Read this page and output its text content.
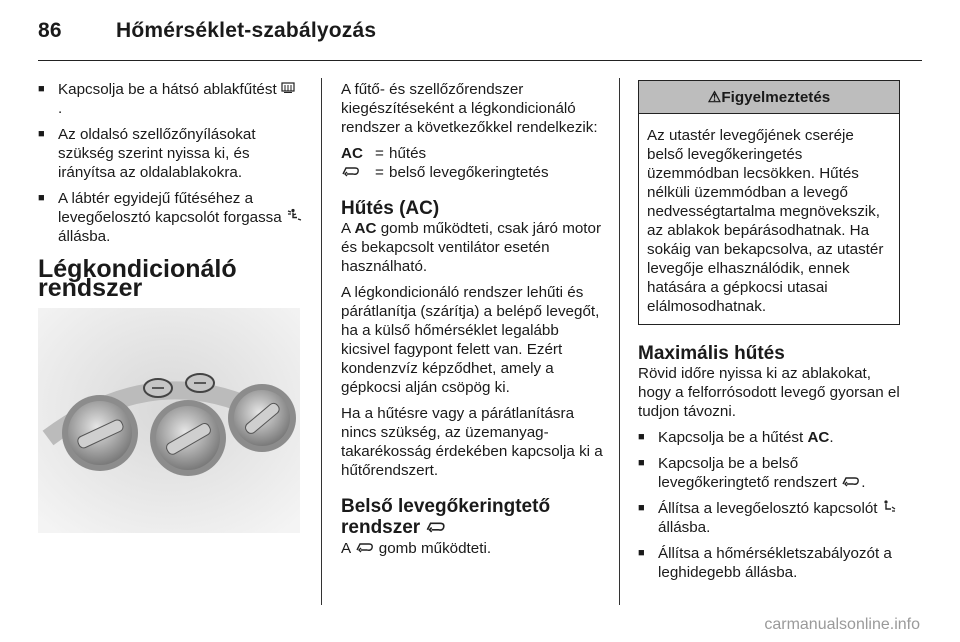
86	Hőmérséklet-szabályozás
■ Kapcsolja be a hátsó ablakfűtést
.
■ Az oldalsó szellőzőnyílásokat szükség szerint nyissa ki, és irányítsa az oldalablakokra.
■ A lábtér egyidejű fűtéséhez a levegőelosztó kapcsolót forgassa  állásba.
Légkondicionáló rendszer

A fűtő- és szellőzőrendszer kiegészítéseként a légkondicionáló rendszer a következőkkel rendelkezik:

AC	=	hűtés
	=	belső levegőkeringtetés
Hűtés (AC)

A AC gomb működteti, csak járó motor és bekapcsolt ventilátor esetén használható.

A légkondicionáló rendszer lehűti és párátlanítja (szárítja) a belépő levegőt, ha a külső hőmérséklet legalább kicsivel fagypont felett van. Ezért kondenzvíz képződhet, amely a gépkocsi alján csöpög ki.

Ha a hűtésre vagy a párátlanításra nincs szükség, az üzemanyag-takarékosság érdekében kapcsolja ki a hűtőrendszert.

Belső levegőkeringtető
rendszer

A gomb működteti.

⚠Figyelmeztetés
Az utastér levegőjének cseréje belső levegőkeringetés üzemmódban lecsökken. Hűtés nélküli üzemmódban a levegő nedvességtartalma megnövekszik, az ablakok bepárásodhatnak. Ha sokáig van bekapcsolva, az utastér levegője elhasználódik, ennek hatására a gépkocsi utasai elálmosodhatnak.
Maximális hűtés

Rövid időre nyissa ki az ablakokat, hogy a felforrósodott levegő gyorsan el tudjon távozni.

■ Kapcsolja be a hűtést AC.
■ Kapcsolja be a belső levegőkeringtető rendszert .
■ Állítsa a levegőelosztó kapcsolót  állásba.
■ Állítsa a hőmérsékletszabályozót a leghidegebb állásba.
carmanualsonline.info
